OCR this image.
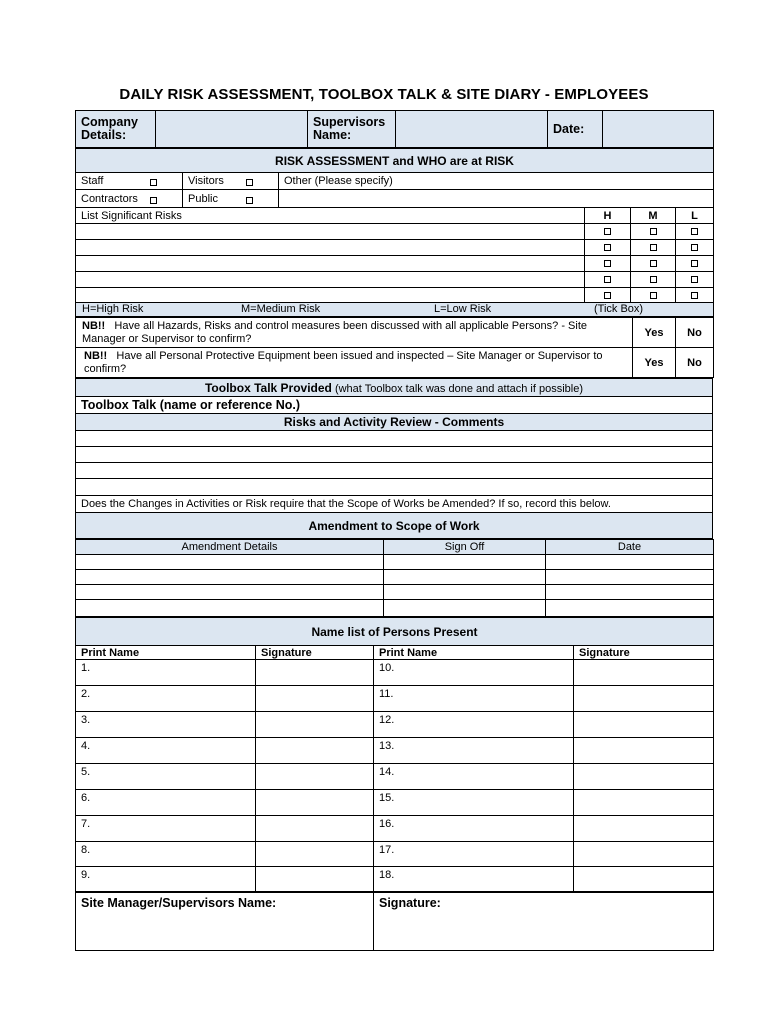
DAILY RISK ASSESSMENT, TOOLBOX TALK & SITE DIARY - EMPLOYEES
Company Details:		Supervisors Name:		Date:	
RISK ASSESSMENT and WHO are at RISK					
Staff	Visitors	Other (Please specify)			
Contractors	Public			

List Significant Risks			H	M	L

H=High Risk M=Medium Risk L=Low Risk (Tick Box)					
NB!! Have all Hazards, Risks and control measures been discussed with all applicable Persons? - Site Manager or Supervisor to confirm?	Yes	No
NB!! Have all Personal Protective Equipment been issued and inspected – Site Manager or Supervisor to confirm?	Yes	No
Toolbox Talk Provided (what Toolbox talk was done and attach if possible)
Toolbox Talk (name or reference No.)
Risks and Activity Review - Comments

Does the Changes in Activities or Risk require that the Scope of Works be Amended? If so, record this below.
Amendment to Scope of Work
Amendment Details	Sign Off	Date

Name list of Persons Present			
Print Name	Signature	Print Name	Signature
1.		10.	
2.		11.	
3.		12.	
4.		13.	
5.		14.	
6.		15.	
7.		16.	
8.		17.	
9.		18.	
Site Manager/Supervisors Name:	Signature:
